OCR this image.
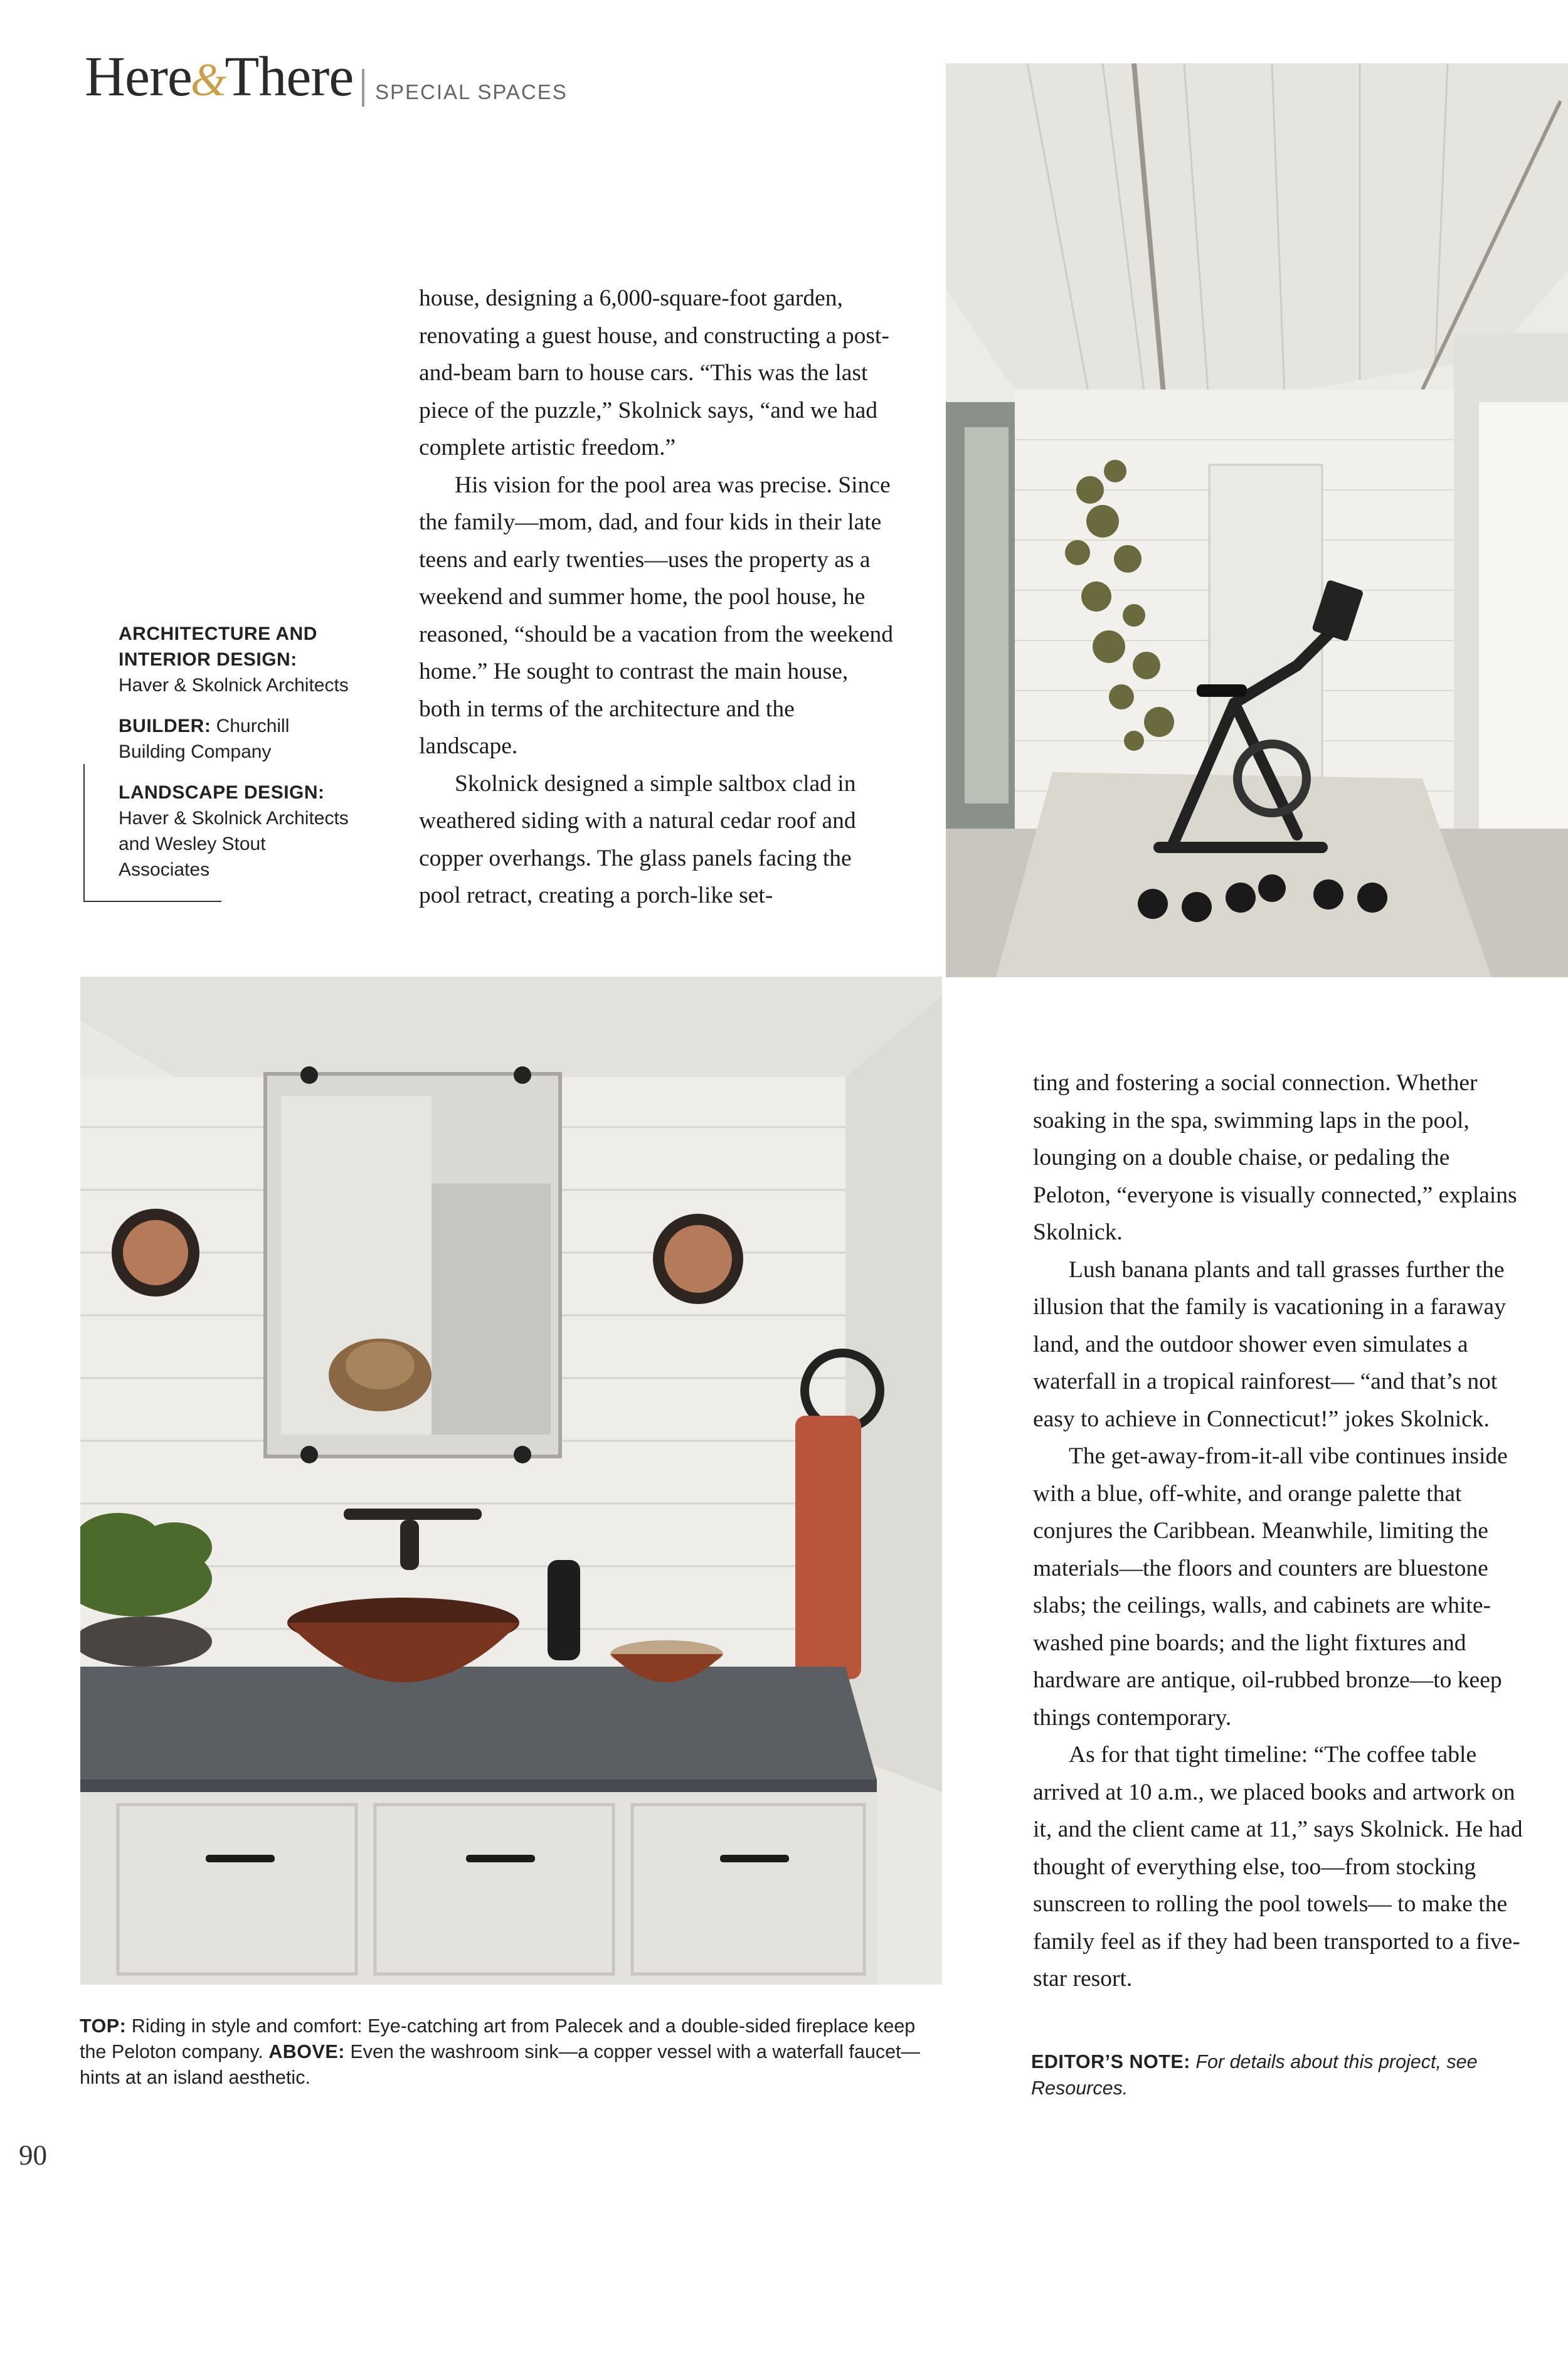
Here&There SPECIAL SPACES

ARCHITECTURE AND INTERIOR DESIGN: Haver & Skolnick Architects

BUILDER: Churchill Building Company

LANDSCAPE DESIGN: Haver & Skolnick Architects and Wesley Stout Associates

house, designing a 6,000-square-foot garden, renovating a guest house, and constructing a post-and-beam barn to house cars. “This was the last piece of the puzzle,” Skolnick says, “and we had complete artistic freedom.”

His vision for the pool area was precise. Since the family—mom, dad, and four kids in their late teens and early twenties—uses the property as a weekend and summer home, the pool house, he reasoned, “should be a vacation from the weekend home.” He sought to contrast the main house, both in terms of the architecture and the landscape.

Skolnick designed a simple saltbox clad in weathered siding with a natural cedar roof and copper overhangs. The glass panels facing the pool retract, creating a porch-like set-

ting and fostering a social connection. Whether soaking in the spa, swimming laps in the pool, lounging on a double chaise, or pedaling the Peloton, “everyone is visually connected,” explains Skolnick.

Lush banana plants and tall grasses further the illusion that the family is vacationing in a faraway land, and the outdoor shower even simulates a waterfall in a tropical rainforest— “and that’s not easy to achieve in Connecticut!” jokes Skolnick.

The get-away-from-it-all vibe continues inside with a blue, off-white, and orange palette that conjures the Caribbean. Meanwhile, limiting the materials—the floors and counters are bluestone slabs; the ceilings, walls, and cabinets are white-washed pine boards; and the light fixtures and hardware are antique, oil-rubbed bronze—to keep things contemporary.

As for that tight timeline: “The coffee table arrived at 10 a.m., we placed books and artwork on it, and the client came at 11,” says Skolnick. He had thought of everything else, too—from stocking sunscreen to rolling the pool towels— to make the family feel as if they had been transported to a five-star resort.

TOP: Riding in style and comfort: Eye-catching art from Palecek and a double-sided fireplace keep the Peloton company. ABOVE: Even the washroom sink—a copper vessel with a waterfall faucet—hints at an island aesthetic.
EDITOR’S NOTE: For details about this project, see Resources.
90
